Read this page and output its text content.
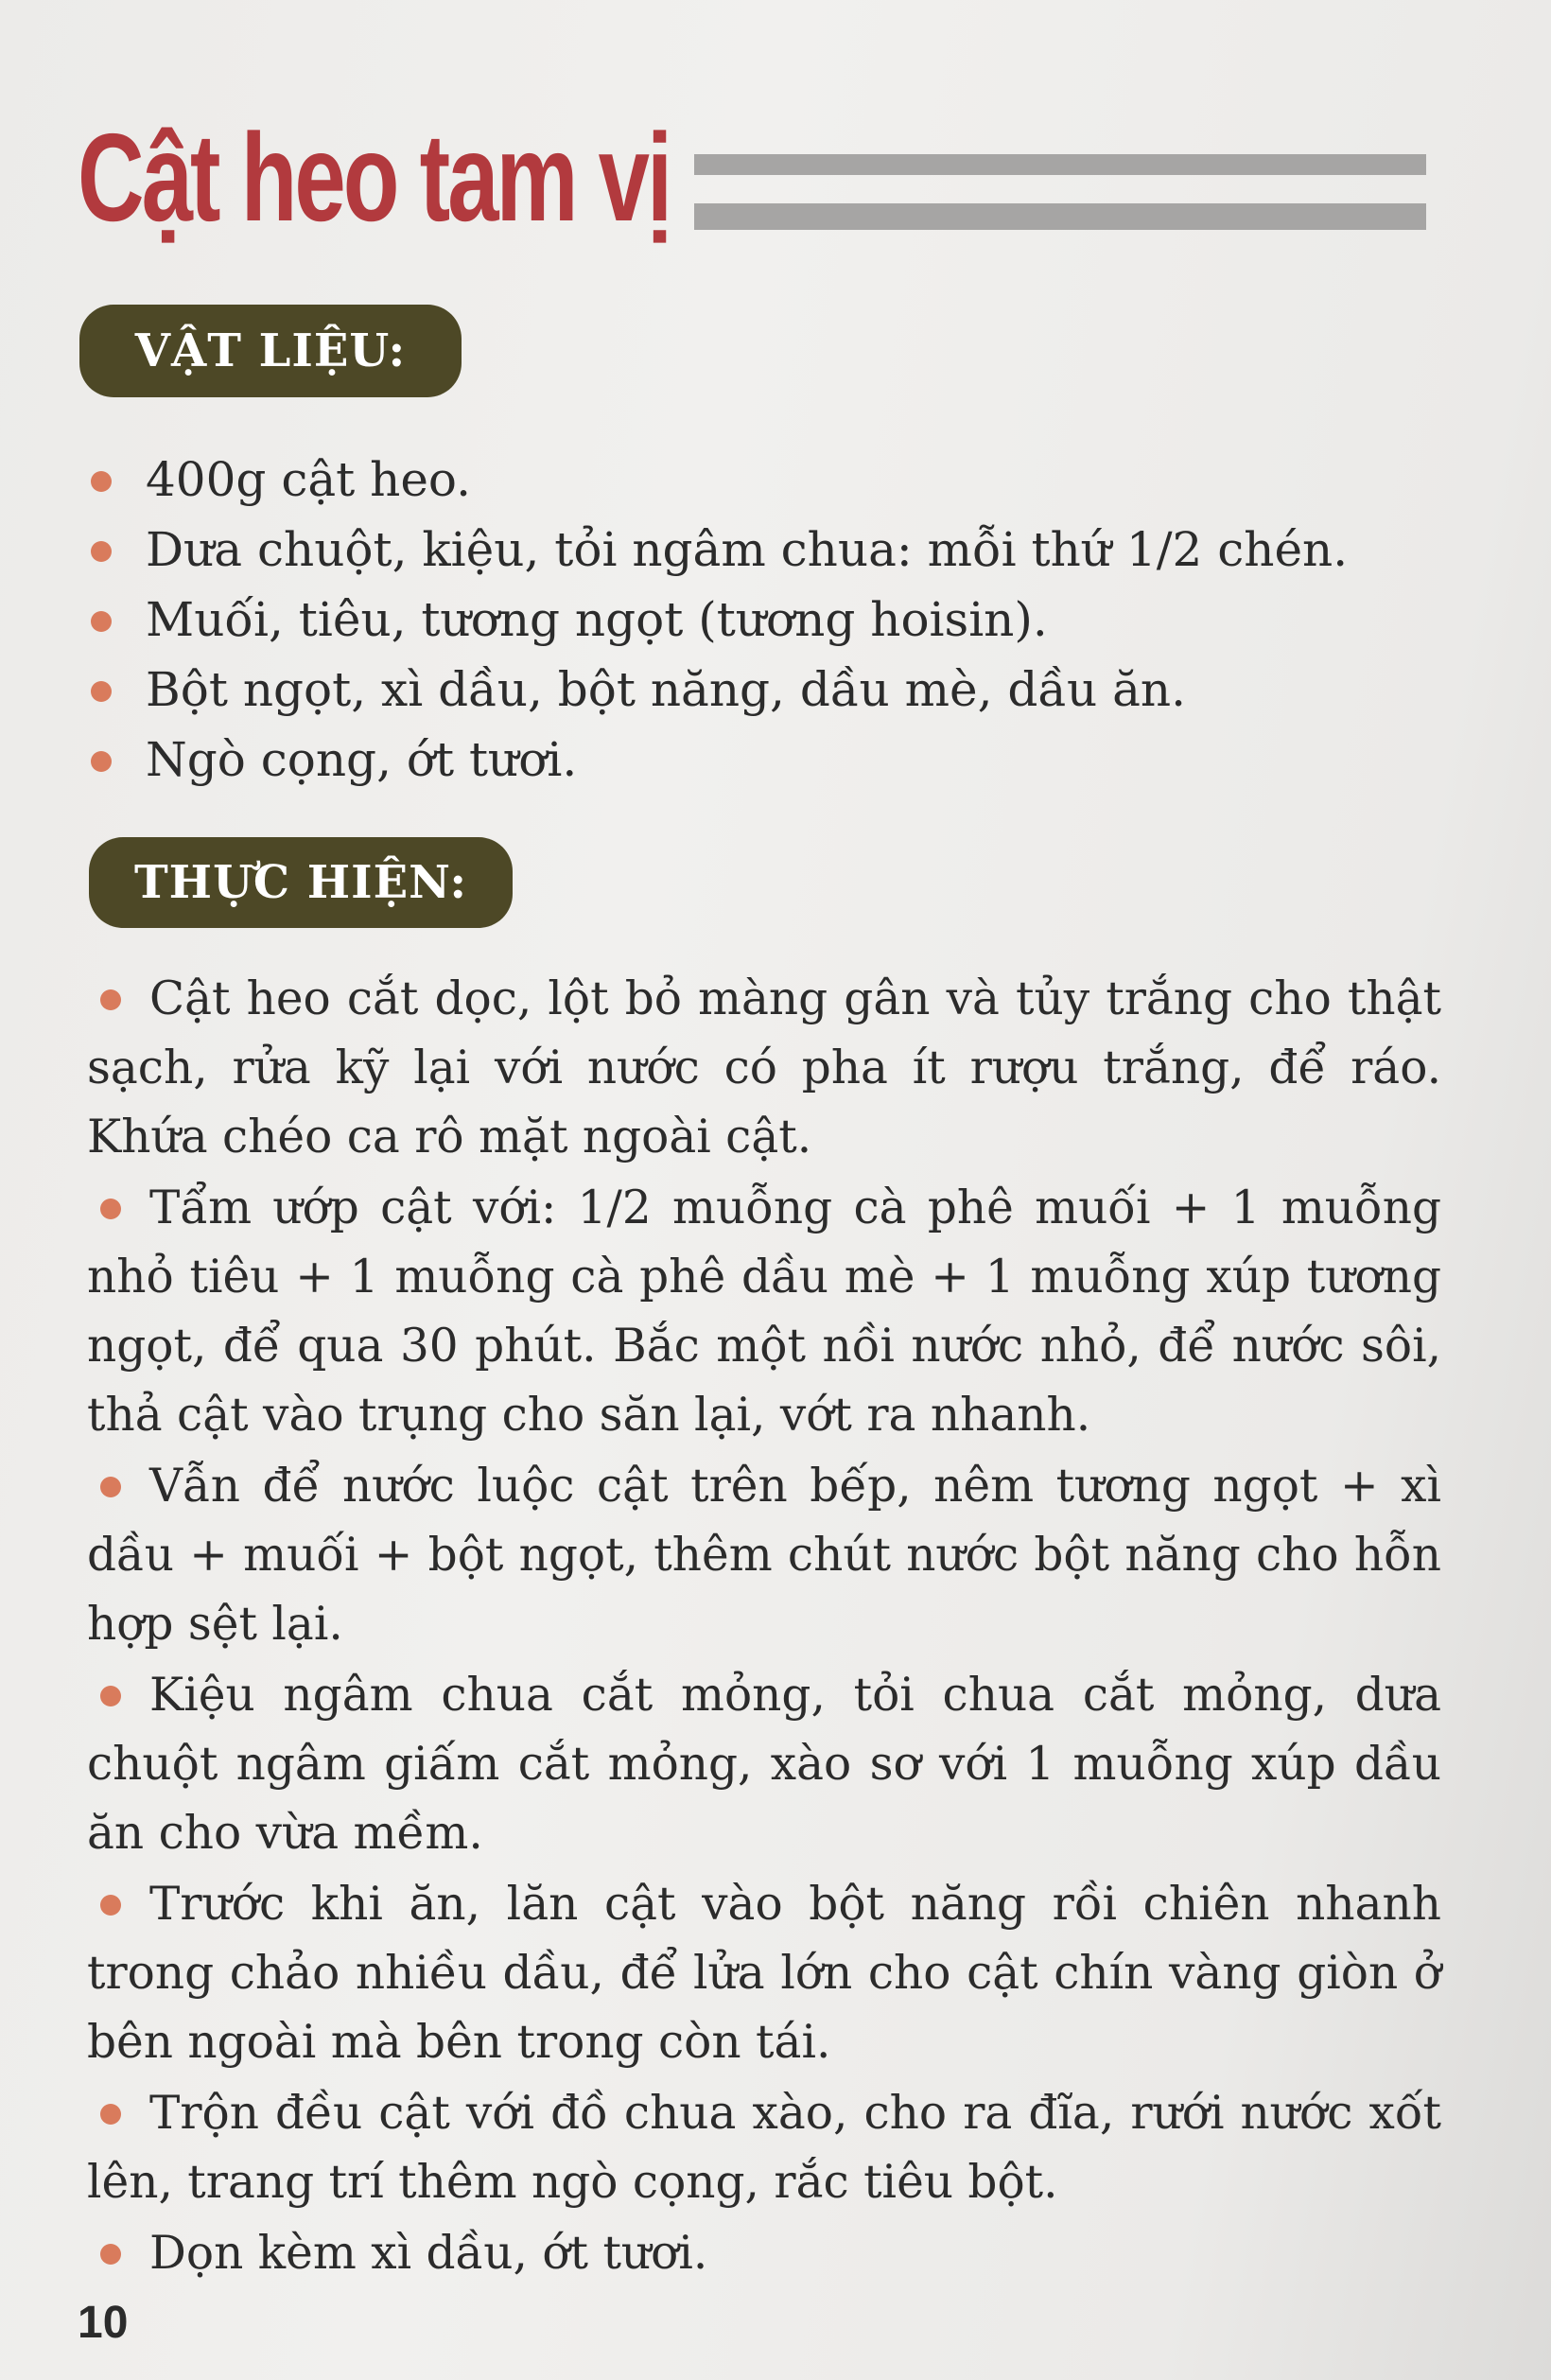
Cật heo tam vị
VẬT LIỆU:
400g cật heo.
Dưa chuột, kiệu, tỏi ngâm chua: mỗi thứ 1/2 chén.
Muối, tiêu, tương ngọt (tương hoisin).
Bột ngọt, xì dầu, bột năng, dầu mè, dầu ăn.
Ngò cọng, ớt tươi.
THỰC HIỆN:
Cật heo cắt dọc, lột bỏ màng gân và tủy trắng cho thật sạch, rửa kỹ lại với nước có pha ít rượu trắng, để ráo. Khứa chéo ca rô mặt ngoài cật.
Tẩm ướp cật với: 1/2 muỗng cà phê muối + 1 muỗng nhỏ tiêu + 1 muỗng cà phê dầu mè + 1 muỗng xúp tương ngọt, để qua 30 phút. Bắc một nồi nước nhỏ, để nước sôi, thả cật vào trụng cho săn lại, vớt ra nhanh.
Vẫn để nước luộc cật trên bếp, nêm tương ngọt + xì dầu + muối + bột ngọt, thêm chút nước bột năng cho hỗn hợp sệt lại.
Kiệu ngâm chua cắt mỏng, tỏi chua cắt mỏng, dưa chuột ngâm giấm cắt mỏng, xào sơ với 1 muỗng xúp dầu ăn cho vừa mềm.
Trước khi ăn, lăn cật vào bột năng rồi chiên nhanh trong chảo nhiều dầu, để lửa lớn cho cật chín vàng giòn ở bên ngoài mà bên trong còn tái.
Trộn đều cật với đồ chua xào, cho ra đĩa, rưới nước xốt lên, trang trí thêm ngò cọng, rắc tiêu bột.
Dọn kèm xì dầu, ớt tươi.
10
